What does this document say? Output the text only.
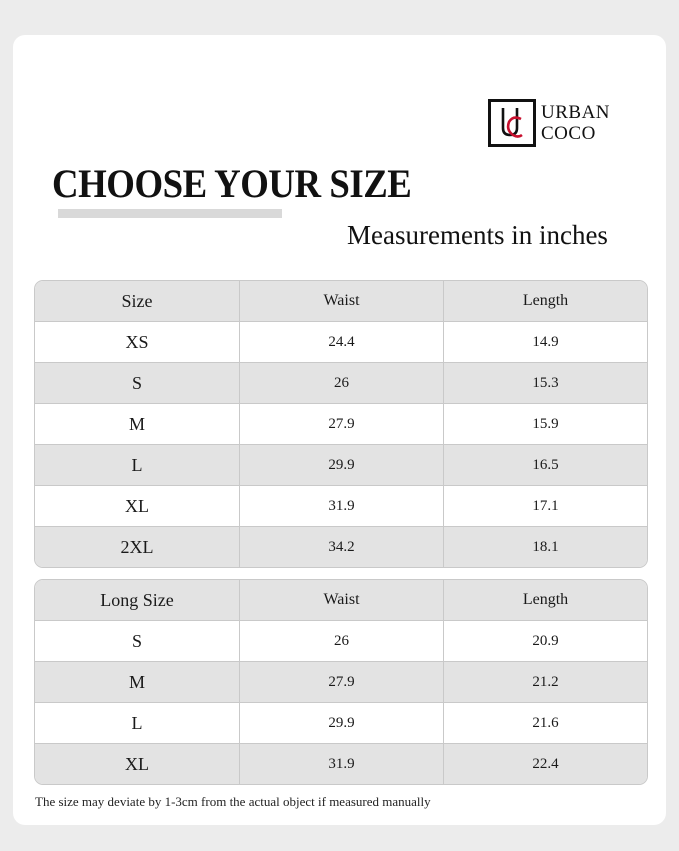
URBAN
COCO
CHOOSE YOUR SIZE
Measurements in inches
Size	Waist	Length
XS	24.4	14.9
S	26	15.3
M	27.9	15.9
L	29.9	16.5
XL	31.9	17.1
2XL	34.2	18.1
Long Size	Waist	Length
S	26	20.9
M	27.9	21.2
L	29.9	21.6
XL	31.9	22.4
The size may deviate by 1-3cm from the actual object if measured manually
